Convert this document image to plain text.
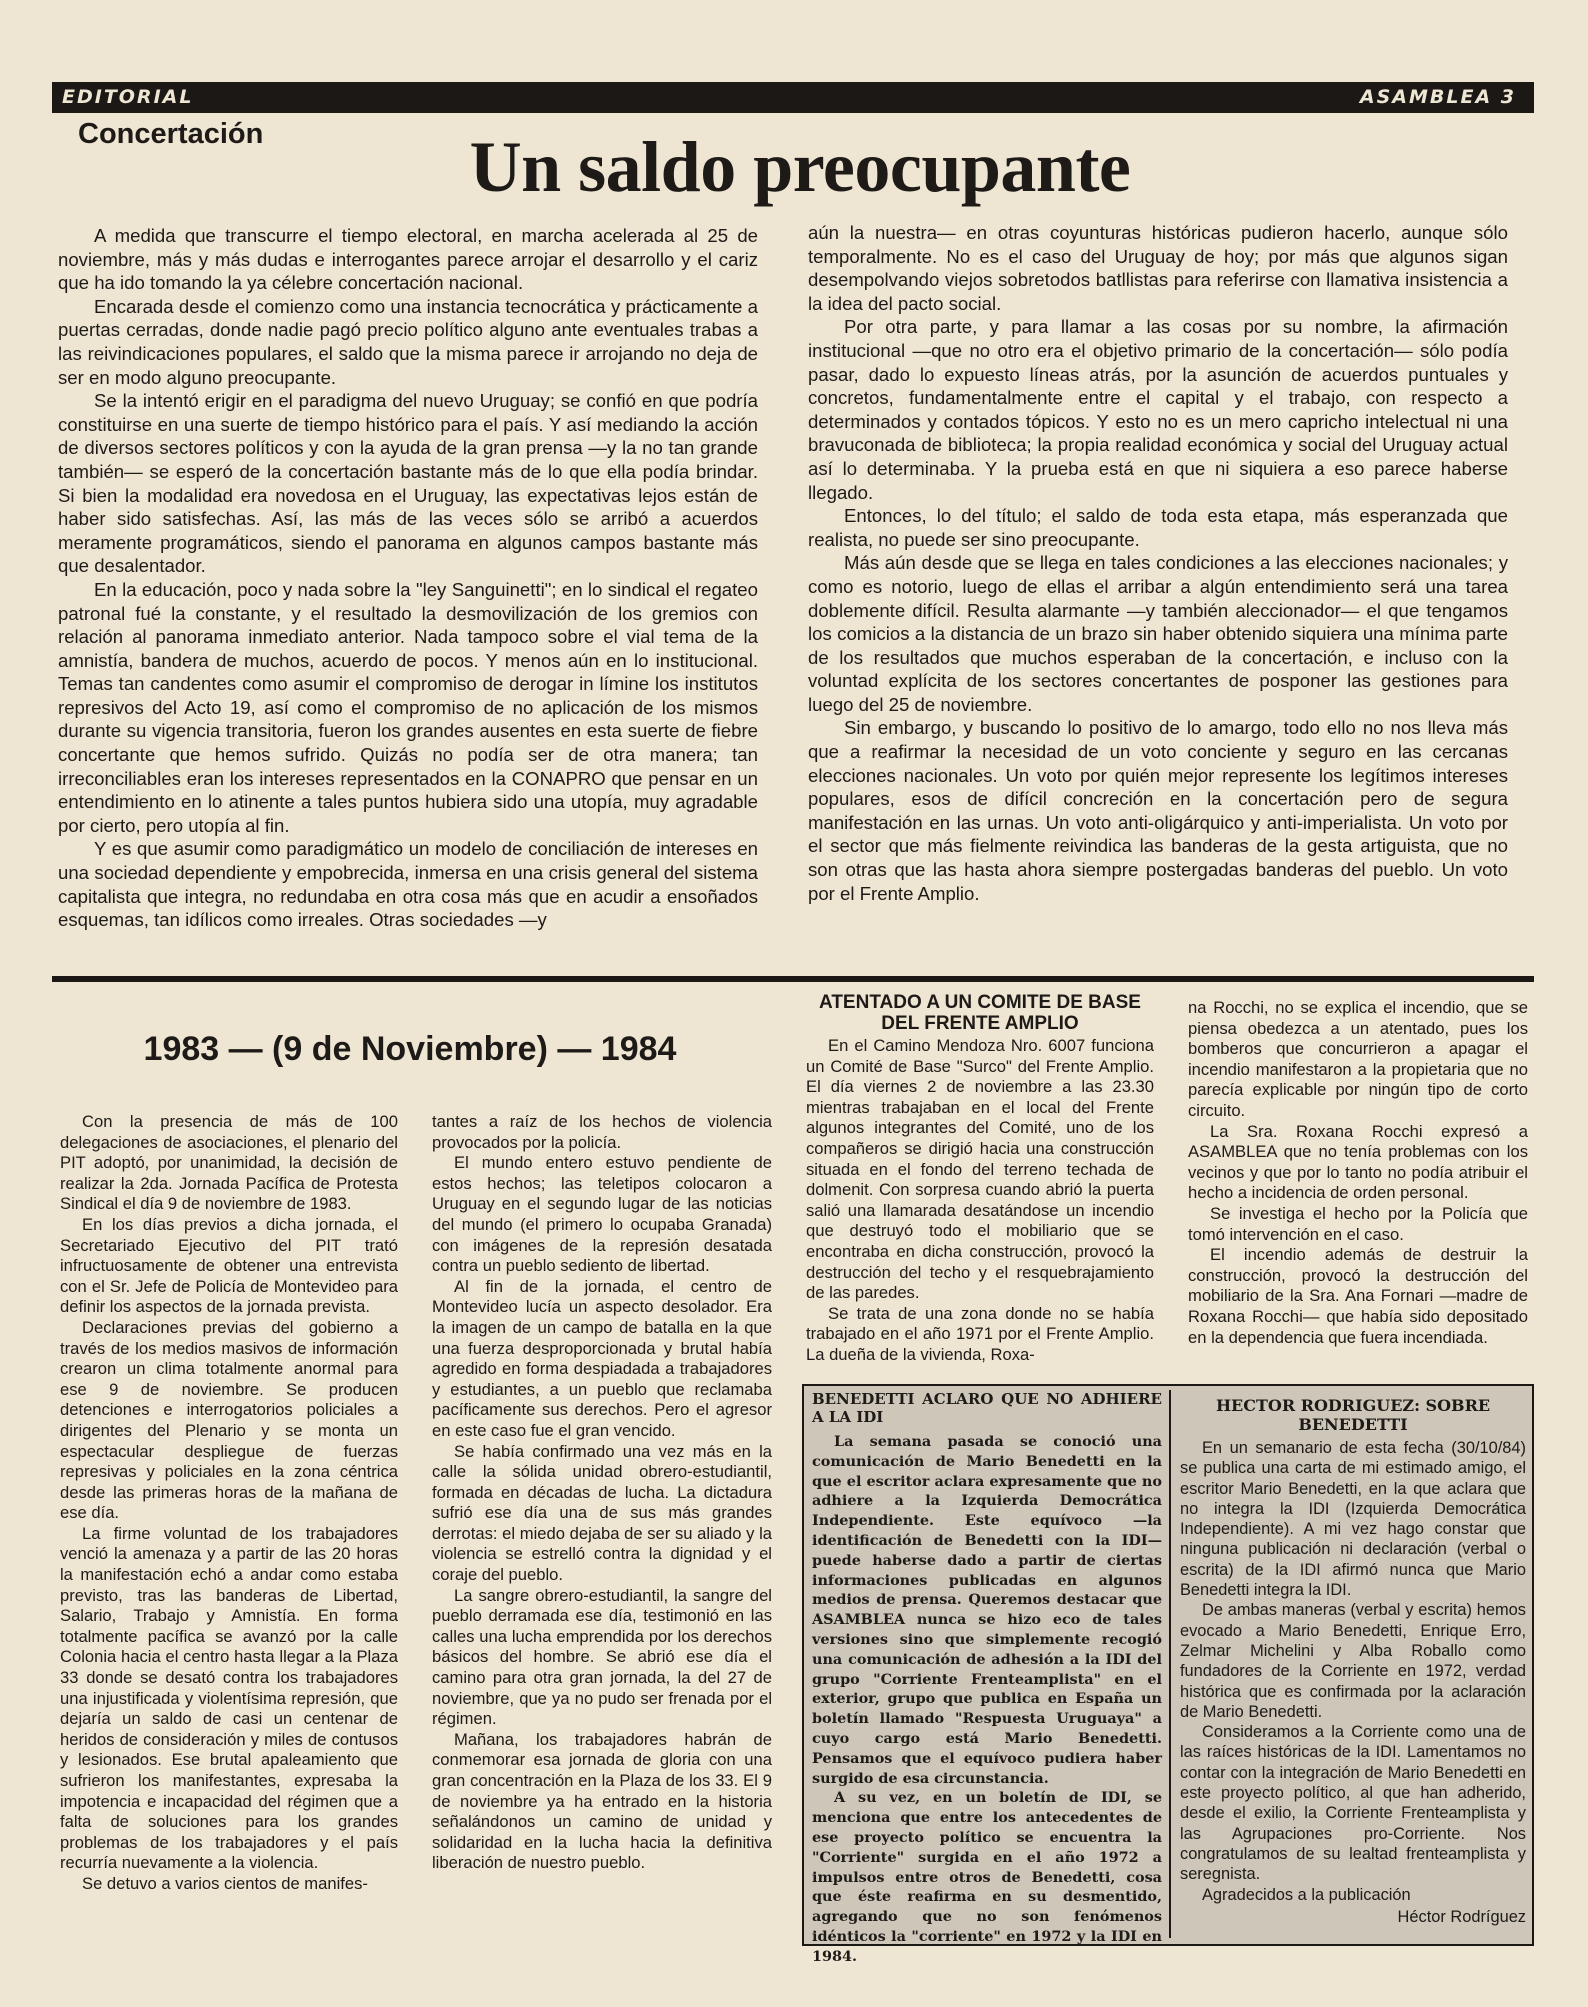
EDITORIAL	ASAMBLEA 3
Concertación	Un saldo preocupante

A medida que transcurre el tiempo electoral, en marcha acelerada al 25 de noviembre, más y más dudas e interrogantes parece arrojar el desarrollo y el cariz que ha ido tomando la ya célebre concertación nacional.

Encarada desde el comienzo como una instancia tecnocrática y prácticamente a puertas cerradas, donde nadie pagó precio político alguno ante eventuales trabas a las reivindicaciones populares, el saldo que la misma parece ir arrojando no deja de ser en modo alguno preocupante.

Se la intentó erigir en el paradigma del nuevo Uruguay; se confió en que podría constituirse en una suerte de tiempo histórico para el país. Y así mediando la acción de diversos sectores políticos y con la ayuda de la gran prensa —y la no tan grande también— se esperó de la concertación bastante más de lo que ella podía brindar. Si bien la modalidad era novedosa en el Uruguay, las expectativas lejos están de haber sido satisfechas. Así, las más de las veces sólo se arribó a acuerdos meramente programáticos, siendo el panorama en algunos campos bastante más que desalentador.

En la educación, poco y nada sobre la "ley Sanguinetti"; en lo sindical el regateo patronal fué la constante, y el resultado la desmovilización de los gremios con relación al panorama inmediato anterior. Nada tampoco sobre el vial tema de la amnistía, bandera de muchos, acuerdo de pocos. Y menos aún en lo institucional. Temas tan candentes como asumir el compromiso de derogar in límine los institutos represivos del Acto 19, así como el compromiso de no aplicación de los mismos durante su vigencia transitoria, fueron los grandes ausentes en esta suerte de fiebre concertante que hemos sufrido. Quizás no podía ser de otra manera; tan irreconciliables eran los intereses representados en la CONAPRO que pensar en un entendimiento en lo atinente a tales puntos hubiera sido una utopía, muy agradable por cierto, pero utopía al fin.

Y es que asumir como paradigmático un modelo de conciliación de intereses en una sociedad dependiente y empobrecida, inmersa en una crisis general del sistema capitalista que integra, no redundaba en otra cosa más que en acudir a ensoñados esquemas, tan idílicos como irreales. Otras sociedades —y

aún la nuestra— en otras coyunturas históricas pudieron hacerlo, aunque sólo temporalmente. No es el caso del Uruguay de hoy; por más que algunos sigan desempolvando viejos sobretodos batllistas para referirse con llamativa insistencia a la idea del pacto social.

Por otra parte, y para llamar a las cosas por su nombre, la afirmación institucional —que no otro era el objetivo primario de la concertación— sólo podía pasar, dado lo expuesto líneas atrás, por la asunción de acuerdos puntuales y concretos, fundamentalmente entre el capital y el trabajo, con respecto a determinados y contados tópicos. Y esto no es un mero capricho intelectual ni una bravuconada de biblioteca; la propia realidad económica y social del Uruguay actual así lo determinaba. Y la prueba está en que ni siquiera a eso parece haberse llegado.

Entonces, lo del título; el saldo de toda esta etapa, más esperanzada que realista, no puede ser sino preocupante.

Más aún desde que se llega en tales condiciones a las elecciones nacionales; y como es notorio, luego de ellas el arribar a algún entendimiento será una tarea doblemente difícil. Resulta alarmante —y también aleccionador— el que tengamos los comicios a la distancia de un brazo sin haber obtenido siquiera una mínima parte de los resultados que muchos esperaban de la concertación, e incluso con la voluntad explícita de los sectores concertantes de posponer las gestiones para luego del 25 de noviembre.

Sin embargo, y buscando lo positivo de lo amargo, todo ello no nos lleva más que a reafirmar la necesidad de un voto conciente y seguro en las cercanas elecciones nacionales. Un voto por quién mejor represente los legítimos intereses populares, esos de difícil concreción en la concertación pero de segura manifestación en las urnas. Un voto anti-oligárquico y anti-imperialista. Un voto por el sector que más fielmente reivindica las banderas de la gesta artiguista, que no son otras que las hasta ahora siempre postergadas banderas del pueblo. Un voto por el Frente Amplio.

1983 — (9 de Noviembre) — 1984

Con la presencia de más de 100 delegaciones de asociaciones, el plenario del PIT adoptó, por unanimidad, la decisión de realizar la 2da. Jornada Pacífica de Protesta Sindical el día 9 de noviembre de 1983.

En los días previos a dicha jornada, el Secretariado Ejecutivo del PIT trató infructuosamente de obtener una entrevista con el Sr. Jefe de Policía de Montevideo para definir los aspectos de la jornada prevista.

Declaraciones previas del gobierno a través de los medios masivos de información crearon un clima totalmente anormal para ese 9 de noviembre. Se producen detenciones e interrogatorios policiales a dirigentes del Plenario y se monta un espectacular despliegue de fuerzas represivas y policiales en la zona céntrica desde las primeras horas de la mañana de ese día.

La firme voluntad de los trabajadores venció la amenaza y a partir de las 20 horas la manifestación echó a andar como estaba previsto, tras las banderas de Libertad, Salario, Trabajo y Amnistía. En forma totalmente pacífica se avanzó por la calle Colonia hacia el centro hasta llegar a la Plaza 33 donde se desató contra los trabajadores una injustificada y violentísima represión, que dejaría un saldo de casi un centenar de heridos de consideración y miles de contusos y lesionados. Ese brutal apaleamiento que sufrieron los manifestantes, expresaba la impotencia e incapacidad del régimen que a falta de soluciones para los grandes problemas de los trabajadores y el país recurría nuevamente a la violencia.

Se detuvo a varios cientos de manifes-

tantes a raíz de los hechos de violencia provocados por la policía.

El mundo entero estuvo pendiente de estos hechos; las teletipos colocaron a Uruguay en el segundo lugar de las noticias del mundo (el primero lo ocupaba Granada) con imágenes de la represión desatada contra un pueblo sediento de libertad.

Al fin de la jornada, el centro de Montevideo lucía un aspecto desolador. Era la imagen de un campo de batalla en la que una fuerza desproporcionada y brutal había agredido en forma despiadada a trabajadores y estudiantes, a un pueblo que reclamaba pacíficamente sus derechos. Pero el agresor en este caso fue el gran vencido.

Se había confirmado una vez más en la calle la sólida unidad obrero-estudiantil, formada en décadas de lucha. La dictadura sufrió ese día una de sus más grandes derrotas: el miedo dejaba de ser su aliado y la violencia se estrelló contra la dignidad y el coraje del pueblo.

La sangre obrero-estudiantil, la sangre del pueblo derramada ese día, testimonió en las calles una lucha emprendida por los derechos básicos del hombre. Se abrió ese día el camino para otra gran jornada, la del 27 de noviembre, que ya no pudo ser frenada por el régimen.

Mañana, los trabajadores habrán de conmemorar esa jornada de gloria con una gran concentración en la Plaza de los 33. El 9 de noviembre ya ha entrado en la historia señalándonos un camino de unidad y solidaridad en la lucha hacia la definitiva liberación de nuestro pueblo.

ATENTADO A UN COMITE DE BASE DEL FRENTE AMPLIO

En el Camino Mendoza Nro. 6007 funciona un Comité de Base "Surco" del Frente Amplio. El día viernes 2 de noviembre a las 23.30 mientras trabajaban en el local del Frente algunos integrantes del Comité, uno de los compañeros se dirigió hacia una construcción situada en el fondo del terreno techada de dolmenit. Con sorpresa cuando abrió la puerta salió una llamarada desatándose un incendio que destruyó todo el mobiliario que se encontraba en dicha construcción, provocó la destrucción del techo y el resquebrajamiento de las paredes.

Se trata de una zona donde no se había trabajado en el año 1971 por el Frente Amplio. La dueña de la vivienda, Roxa-

na Rocchi, no se explica el incendio, que se piensa obedezca a un atentado, pues los bomberos que concurrieron a apagar el incendio manifestaron a la propietaria que no parecía explicable por ningún tipo de corto circuito.

La Sra. Roxana Rocchi expresó a ASAMBLEA que no tenía problemas con los vecinos y que por lo tanto no podía atribuir el hecho a incidencia de orden personal.

Se investiga el hecho por la Policía que tomó intervención en el caso.

El incendio además de destruir la construcción, provocó la destrucción del mobiliario de la Sra. Ana Fornari —madre de Roxana Rocchi— que había sido depositado en la dependencia que fuera incendiada.

BENEDETTI ACLARO QUE NO ADHIERE A LA IDI

La semana pasada se conoció una comunicación de Mario Benedetti en la que el escritor aclara expresamente que no adhiere a la Izquierda Democrática Independiente. Este equívoco —la identificación de Benedetti con la IDI— puede haberse dado a partir de ciertas informaciones publicadas en algunos medios de prensa. Queremos destacar que ASAMBLEA nunca se hizo eco de tales versiones sino que simplemente recogió una comunicación de adhesión a la IDI del grupo "Corriente Frenteamplista" en el exterior, grupo que publica en España un boletín llamado "Respuesta Uruguaya" a cuyo cargo está Mario Benedetti. Pensamos que el equívoco pudiera haber surgido de esa circunstancia.

A su vez, en un boletín de IDI, se menciona que entre los antecedentes de ese proyecto político se encuentra la "Corriente" surgida en el año 1972 a impulsos entre otros de Benedetti, cosa que éste reafirma en su desmentido, agregando que no son fenómenos idénticos la "corriente" en 1972 y la IDI en 1984.

HECTOR RODRIGUEZ: SOBRE BENEDETTI

En un semanario de esta fecha (30/10/84) se publica una carta de mi estimado amigo, el escritor Mario Benedetti, en la que aclara que no integra la IDI (Izquierda Democrática Independiente). A mi vez hago constar que ninguna publicación ni declaración (verbal o escrita) de la IDI afirmó nunca que Mario Benedetti integra la IDI.

De ambas maneras (verbal y escrita) hemos evocado a Mario Benedetti, Enrique Erro, Zelmar Michelini y Alba Roballo como fundadores de la Corriente en 1972, verdad histórica que es confirmada por la aclaración de Mario Benedetti.

Consideramos a la Corriente como una de las raíces históricas de la IDI. Lamentamos no contar con la integración de Mario Benedetti en este proyecto político, al que han adherido, desde el exilio, la Corriente Frenteamplista y las Agrupaciones pro-Corriente. Nos congratulamos de su lealtad frenteamplista y seregnista.

Agradecidos a la publicación

Héctor Rodríguez
